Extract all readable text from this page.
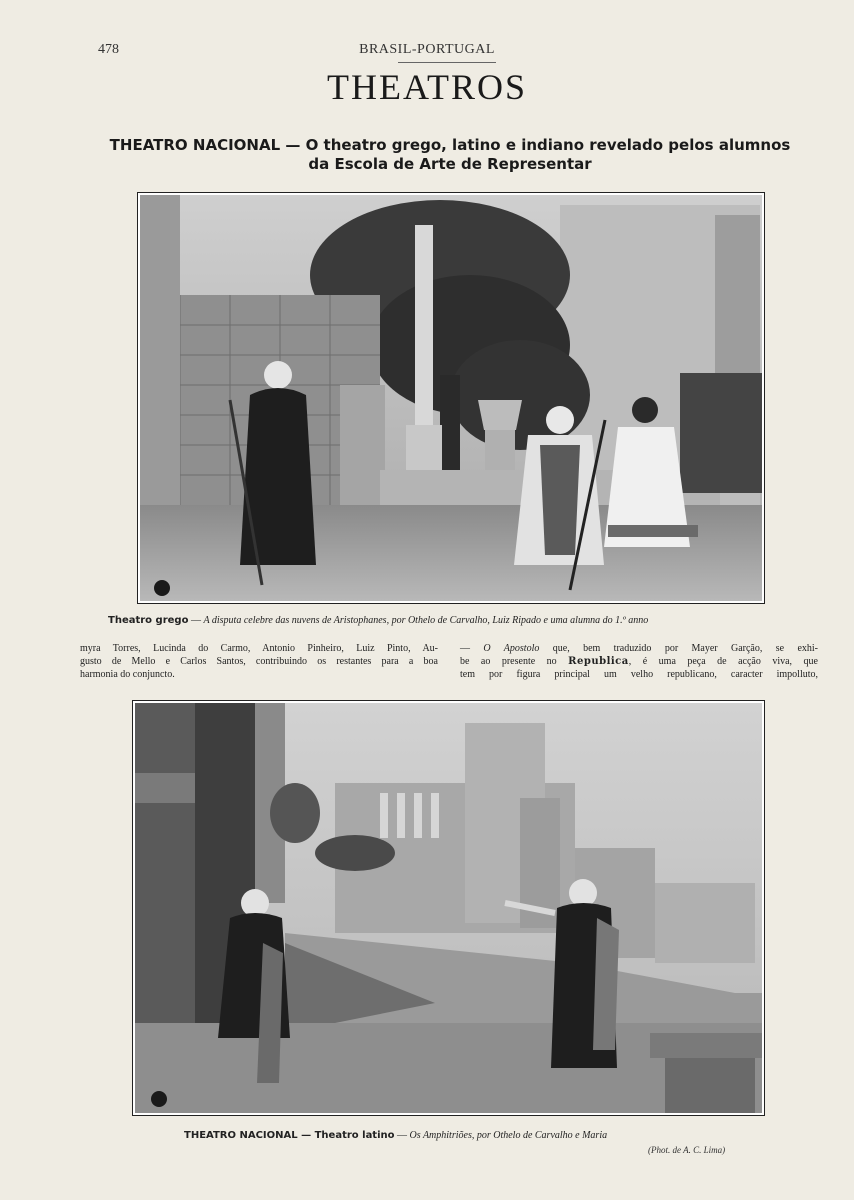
478	BRASIL-PORTUGAL
THEATROS
THEATRO NACIONAL — O theatro grego, latino e indiano revelado pelos alumnos
da Escola de Arte de Representar
Theatro grego — A disputa celebre das nuvens de Aristophanes, por Othelo de Carvalho, Luiz Ripado e uma alumna do 1.º anno
myra Torres, Lucinda do Carmo, Antonio Pinheiro, Luiz Pinto, Au-
gusto de Mello e Carlos Santos, contribuindo os restantes para a boa
harmonia do conjuncto.
— O Apostolo que, bem traduzido por Mayer Garção, se exhi-
be ao presente no Republica, é uma peça de acção viva, que
tem por figura principal um velho republicano, caracter impolluto,
THEATRO NACIONAL — Theatro latino — Os Amphitriões, por Othelo de Carvalho e Maria
(Phot. de A. C. Lima)
